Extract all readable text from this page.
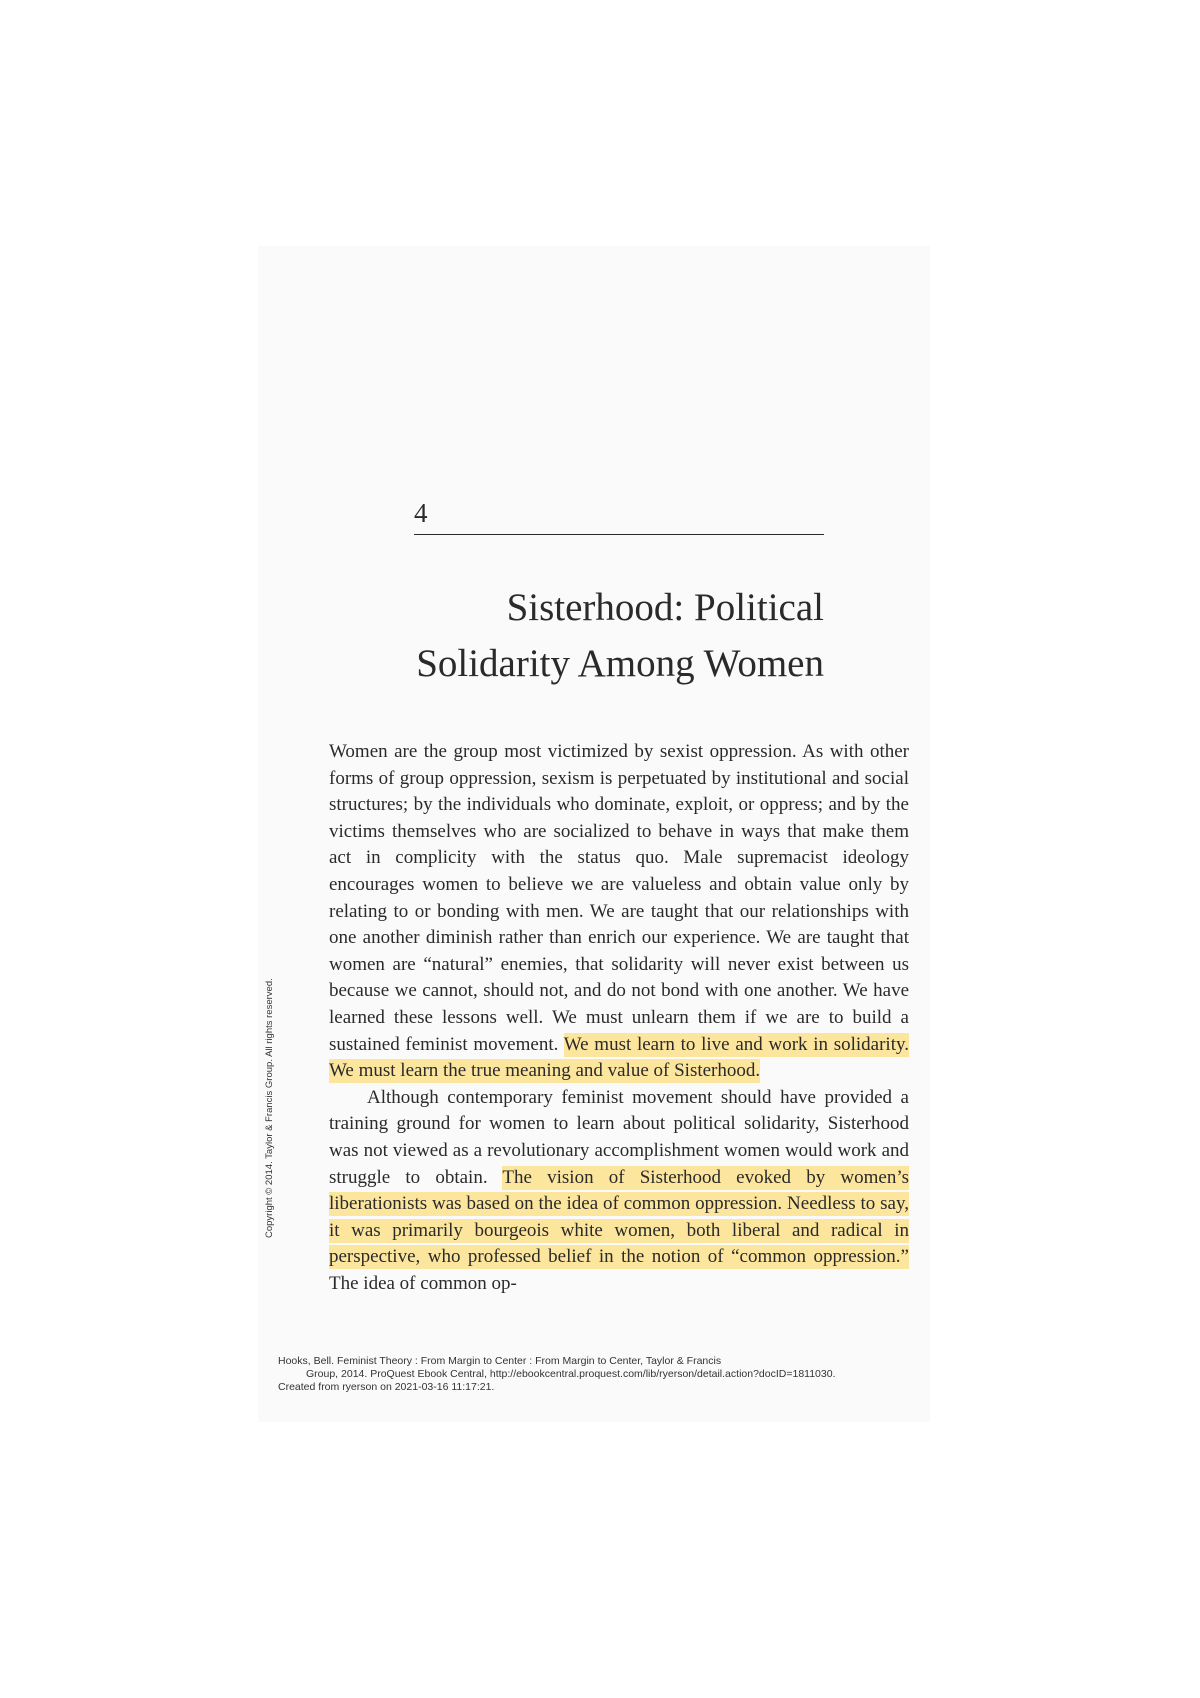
4
Sisterhood: Political
Solidarity Among Women

Women are the group most victimized by sexist oppression. As with other forms of group oppression, sexism is perpetuated by institutional and social structures; by the individuals who dominate, exploit, or oppress; and by the victims themselves who are socialized to behave in ways that make them act in complicity with the status quo. Male supremacist ideology encourages women to believe we are valueless and obtain value only by relating to or bonding with men. We are taught that our relationships with one another diminish rather than enrich our experience. We are taught that women are “natural” enemies, that solidarity will never exist between us because we cannot, should not, and do not bond with one another. We have learned these lessons well. We must unlearn them if we are to build a sustained feminist movement. We must learn to live and work in solidarity. We must learn the true meaning and value of Sisterhood.

Although contemporary feminist movement should have provided a training ground for women to learn about political solidarity, Sisterhood was not viewed as a revolutionary accomplishment women would work and struggle to obtain. The vision of Sisterhood evoked by women’s liberationists was based on the idea of common oppression. Needless to say, it was primarily bourgeois white women, both liberal and radical in perspective, who professed belief in the notion of “common oppression.” The idea of common op-

Copyright © 2014. Taylor & Francis Group. All rights reserved.
Hooks, Bell. Feminist Theory : From Margin to Center : From Margin to Center, Taylor & Francis
Group, 2014. ProQuest Ebook Central, http://ebookcentral.proquest.com/lib/ryerson/detail.action?docID=1811030.
Created from ryerson on 2021-03-16 11:17:21.
